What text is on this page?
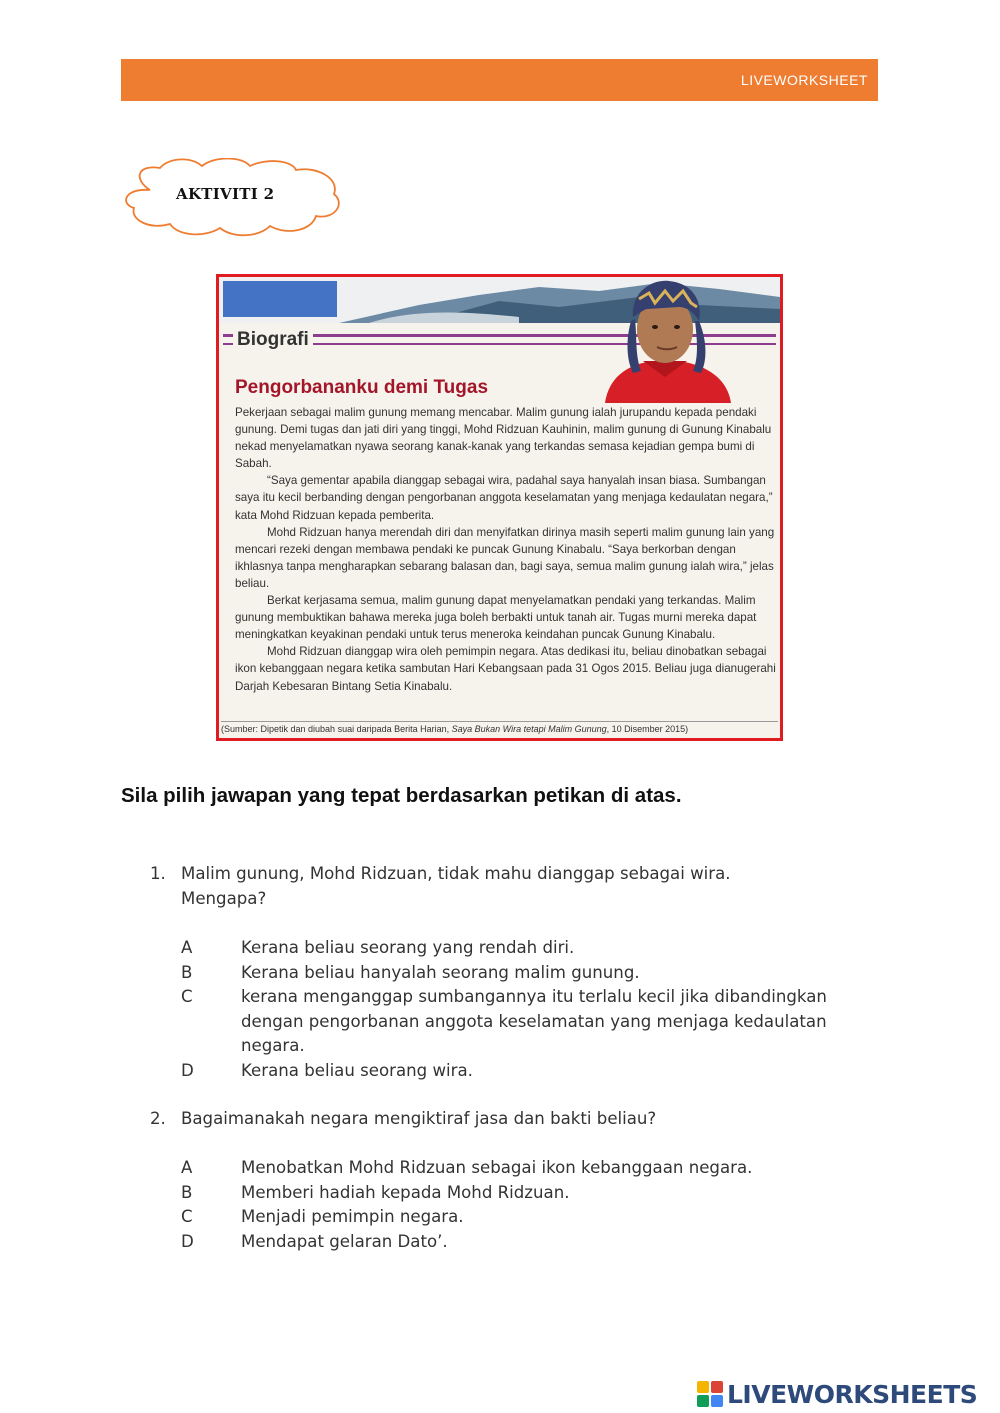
LIVEWORKSHEET
AKTIVITI 2
Biografi
Pengorbananku demi Tugas

Pekerjaan sebagai malim gunung memang mencabar. Malim gunung ialah jurupandu kepada pendaki gunung. Demi tugas dan jati diri yang tinggi, Mohd Ridzuan Kauhinin, malim gunung di Gunung Kinabalu nekad menyelamatkan nyawa seorang kanak-kanak yang terkandas semasa kejadian gempa bumi di Sabah.

“Saya gementar apabila dianggap sebagai wira, padahal saya hanyalah insan biasa. Sumbangan saya itu kecil berbanding dengan pengorbanan anggota keselamatan yang menjaga kedaulatan negara,” kata Mohd Ridzuan kepada pemberita.

Mohd Ridzuan hanya merendah diri dan menyifatkan dirinya masih seperti malim gunung lain yang mencari rezeki dengan membawa pendaki ke puncak Gunung Kinabalu. “Saya berkorban dengan ikhlasnya tanpa mengharapkan sebarang balasan dan, bagi saya, semua malim gunung ialah wira,” jelas beliau.

Berkat kerjasama semua, malim gunung dapat menyelamatkan pendaki yang terkandas. Malim gunung membuktikan bahawa mereka juga boleh berbakti untuk tanah air. Tugas murni mereka dapat meningkatkan keyakinan pendaki untuk terus meneroka keindahan puncak Gunung Kinabalu.

Mohd Ridzuan dianggap wira oleh pemimpin negara. Atas dedikasi itu, beliau dinobatkan sebagai ikon kebanggaan negara ketika sambutan Hari Kebangsaan pada 31 Ogos 2015. Beliau juga dianugerahi Darjah Kebesaran Bintang Setia Kinabalu.

(Sumber: Dipetik dan diubah suai daripada Berita Harian, Saya Bukan Wira tetapi Malim Gunung, 10 Disember 2015)
Sila pilih jawapan yang tepat berdasarkan petikan di atas.
1. Malim gunung, Mohd Ridzuan, tidak mahu dianggap sebagai wira. Mengapa?
A	Kerana beliau seorang yang rendah diri.
B	Kerana beliau hanyalah seorang malim gunung.
C	kerana menganggap sumbangannya itu terlalu kecil jika dibandingkan dengan pengorbanan anggota keselamatan yang menjaga kedaulatan negara.
D	Kerana beliau seorang wira.
2. Bagaimanakah negara mengiktiraf jasa dan bakti beliau?
A	Menobatkan Mohd Ridzuan sebagai ikon kebanggaan negara.
B	Memberi hadiah kepada Mohd Ridzuan.
C	Menjadi pemimpin negara.
D	Mendapat gelaran Dato’.
LIVEWORKSHEETS
